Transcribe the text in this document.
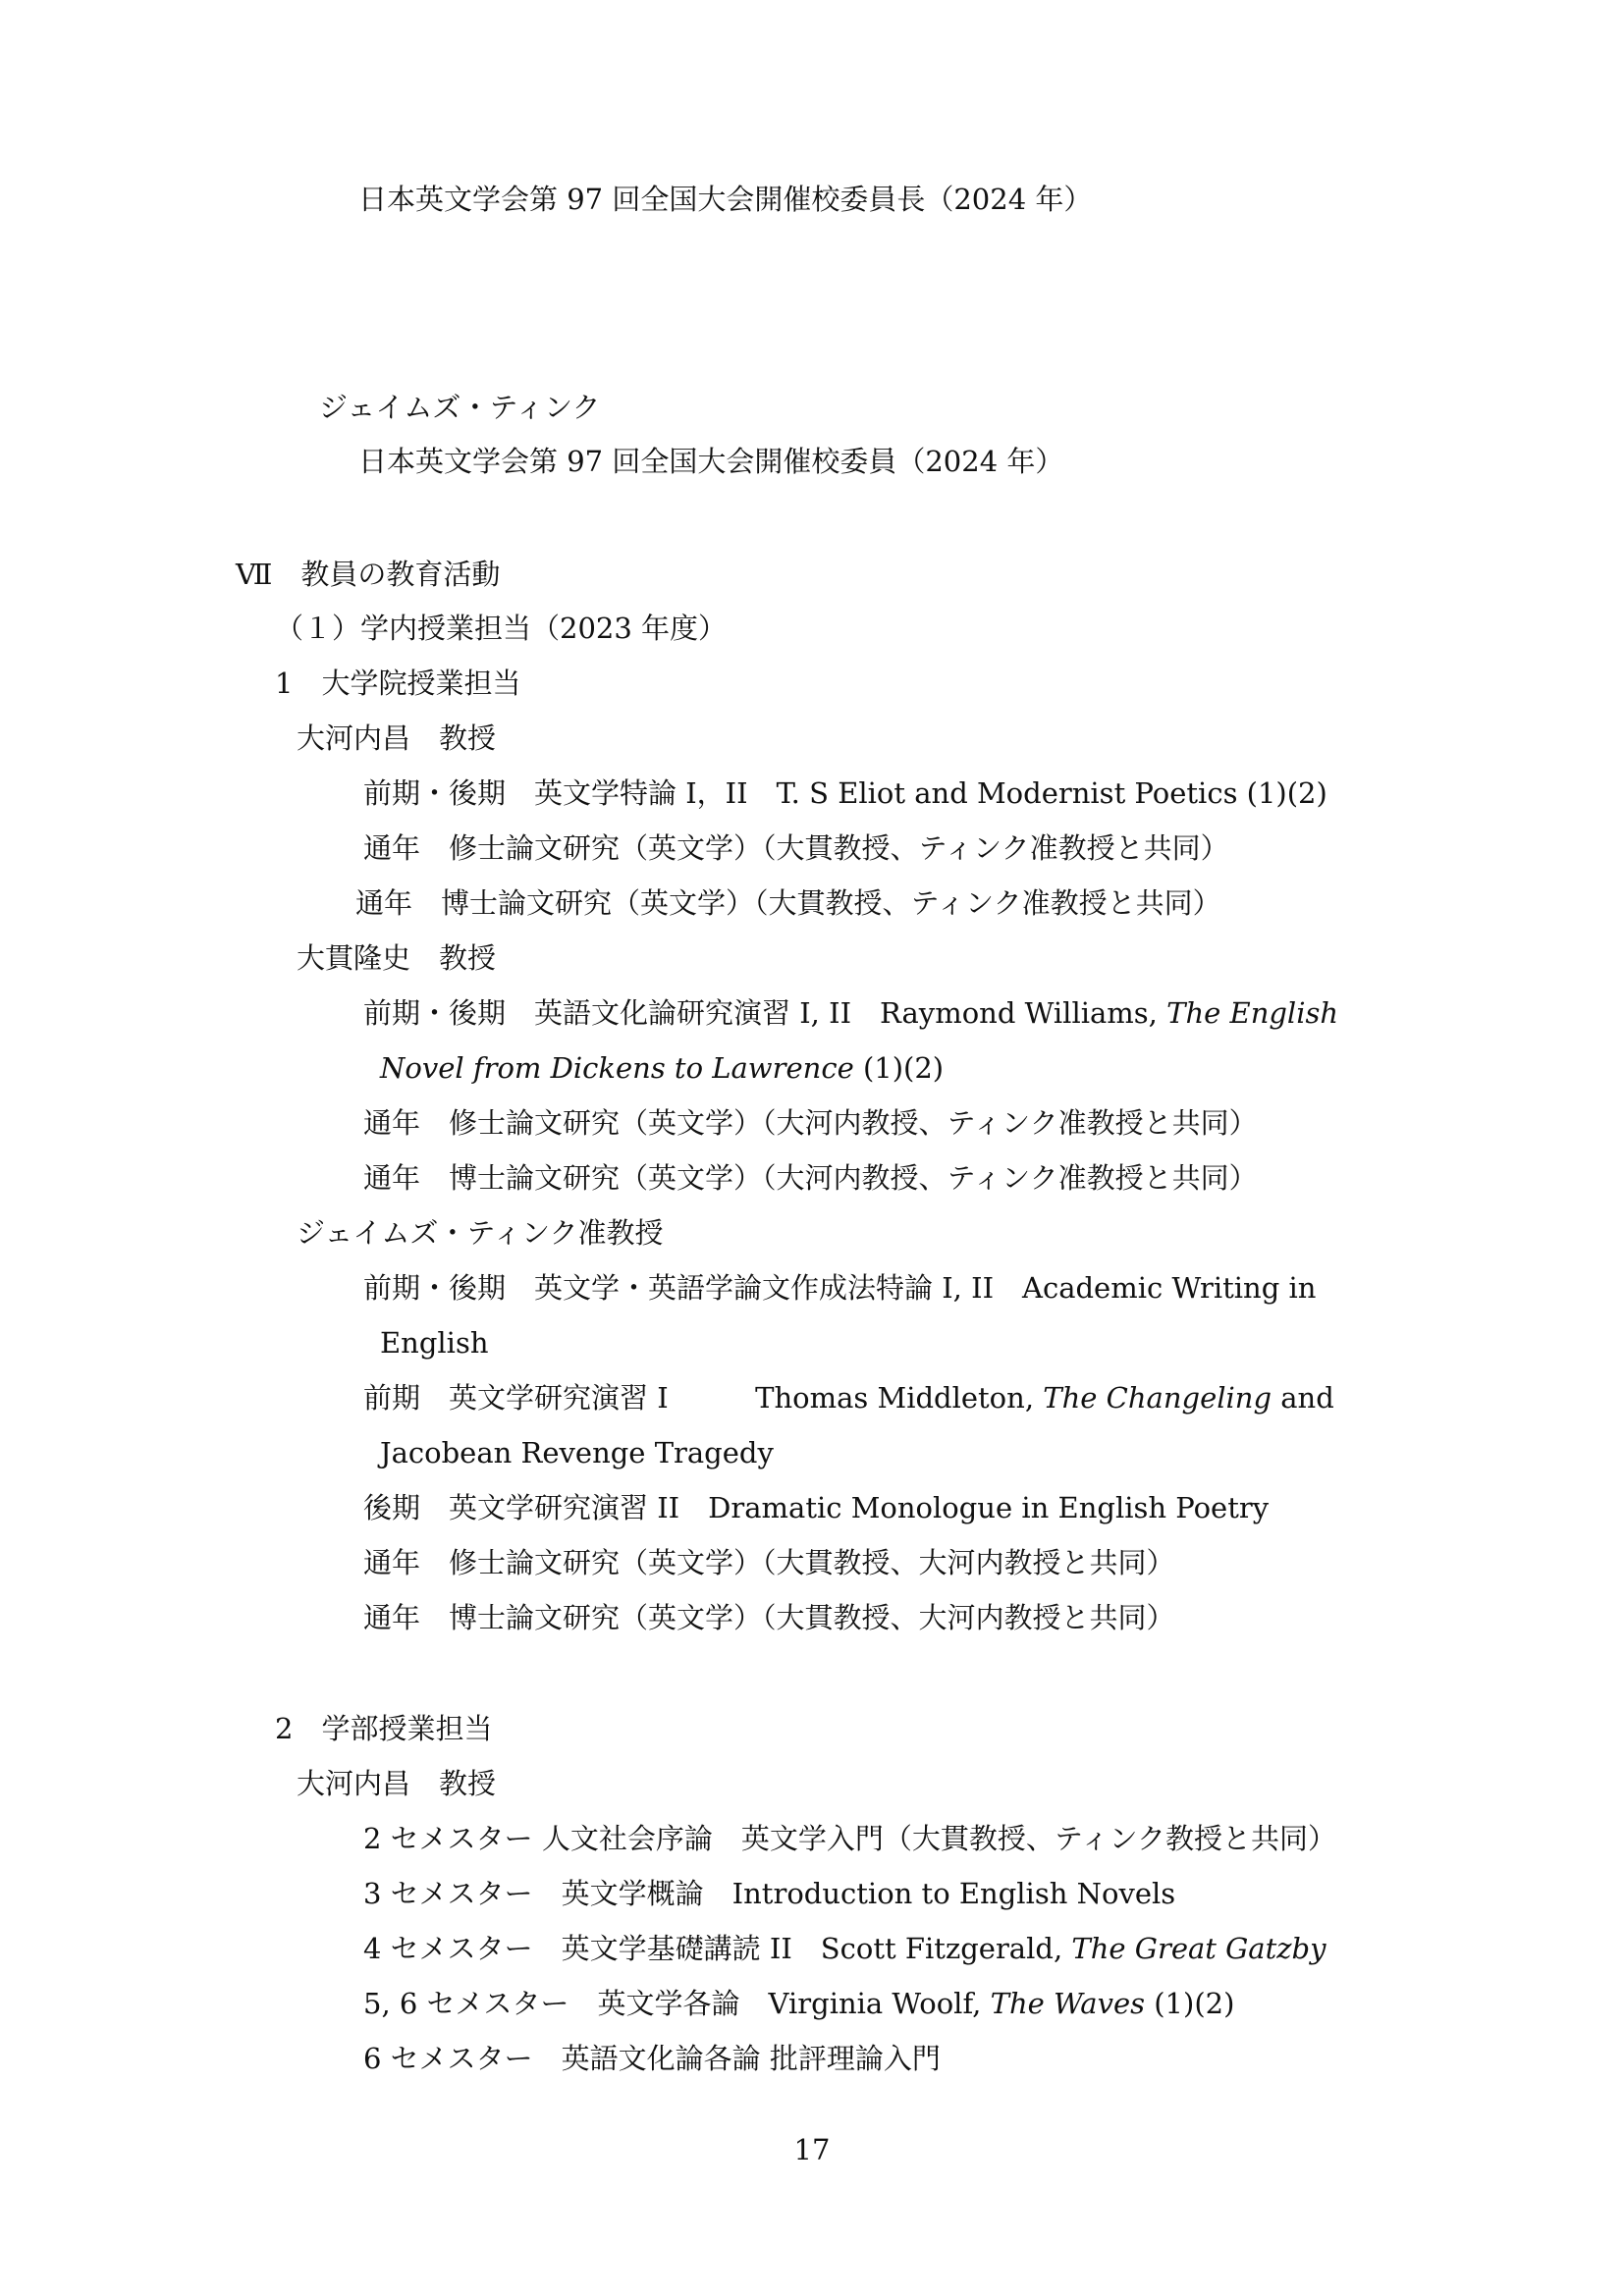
日本英文学会第 97 回全国大会開催校委員長（2024 年）
ジェイムズ・ティンク
日本英文学会第 97 回全国大会開催校委員（2024 年）
Ⅶ　教員の教育活動
（１）学内授業担当（2023 年度）
1　大学院授業担当
大河内昌　教授
前期・後期　英文学特論 I，II　T. S Eliot and Modernist Poetics (1)(2)
通年　修士論文研究（英文学）（大貫教授、ティンク准教授と共同）
通年　博士論文研究（英文学）（大貫教授、ティンク准教授と共同）
大貫隆史　教授
前期・後期　英語文化論研究演習 I, II　Raymond Williams, The English
Novel from Dickens to Lawrence (1)(2)
通年　修士論文研究（英文学）（大河内教授、ティンク准教授と共同）
通年　博士論文研究（英文学）（大河内教授、ティンク准教授と共同）
ジェイムズ・ティンク准教授
前期・後期　英文学・英語学論文作成法特論 I, II　Academic Writing in
English
前期　英文学研究演習 I	Thomas Middleton, The Changeling and
Jacobean Revenge Tragedy
後期　英文学研究演習 II　Dramatic Monologue in English Poetry
通年　修士論文研究（英文学）（大貫教授、大河内教授と共同）
通年　博士論文研究（英文学）（大貫教授、大河内教授と共同）
2　学部授業担当
大河内昌　教授
2 セメスター 人文社会序論　英文学入門（大貫教授、ティンク教授と共同）
3 セメスター　英文学概論　Introduction to English Novels
4 セメスター　英文学基礎講読 II　Scott Fitzgerald, The Great Gatzby
5, 6 セメスター　英文学各論　Virginia Woolf, The Waves (1)(2)
6 セメスター　英語文化論各論 批評理論入門
17
